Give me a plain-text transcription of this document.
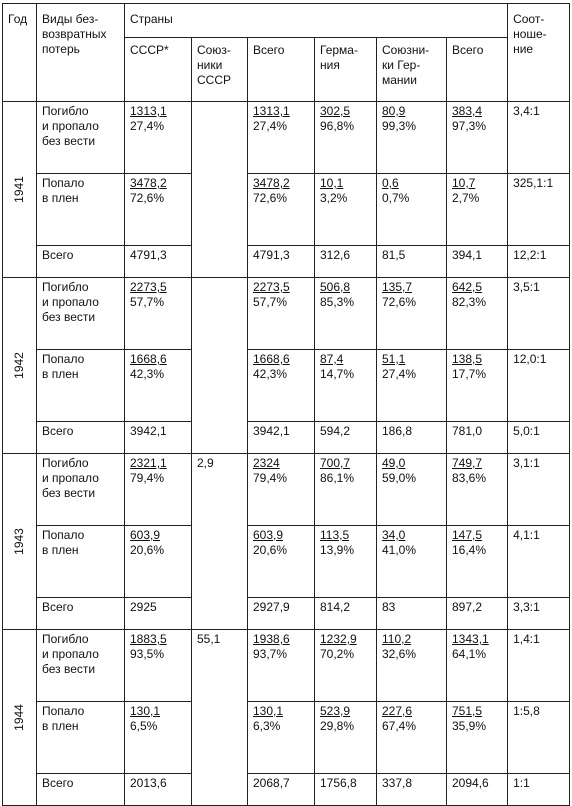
Год	Виды без-
возвратных
потерь	Страны						Соот-
ноше-
ние

		СССР*	Союз-
ники
СССР	Всего	Герма-
ния	Союзни-
ки Гер-
мании	Всего	

1941	Погибло
и пропало
без вести	1313,1
27,4%		1313,1
27,4%	302,5
96,8%	80,9
99,3%	383,4
97,3%	3,4:1

	Попало
в плен	3478,2
72,6%		3478,2
72,6%	10,1
3,2%	0,6
0,7%	10,7
2,7%	325,1:1

	Всего	4791,3		4791,3	312,6	81,5	394,1	12,2:1

1942	Погибло
и пропало
без вести	2273,5
57,7%		2273,5
57,7%	506,8
85,3%	135,7
72,6%	642,5
82,3%	3,5:1

	Попало
в плен	1668,6
42,3%		1668,6
42,3%	87,4
14,7%	51,1
27,4%	138,5
17,7%	12,0:1

	Всего	3942,1		3942,1	594,2	186,8	781,0	5,0:1

1943	Погибло
и пропало
без вести	2321,1
79,4%	2,9	2324
79,4%	700,7
86,1%	49,0
59,0%	749,7
83,6%	3,1:1

	Попало
в плен	603,9
20,6%		603,9
20,6%	113,5
13,9%	34,0
41,0%	147,5
16,4%	4,1:1

	Всего	2925		2927,9	814,2	83	897,2	3,3:1

1944	Погибло
и пропало
без вести	1883,5
93,5%	55,1	1938,6
93,7%	1232,9
70,2%	110,2
32,6%	1343,1
64,1%	1,4:1

	Попало
в плен	130,1
6,5%		130,1
6,3%	523,9
29,8%	227,6
67,4%	751,5
35,9%	1:5,8

	Всего	2013,6		2068,7	1756,8	337,8	2094,6	1:1
